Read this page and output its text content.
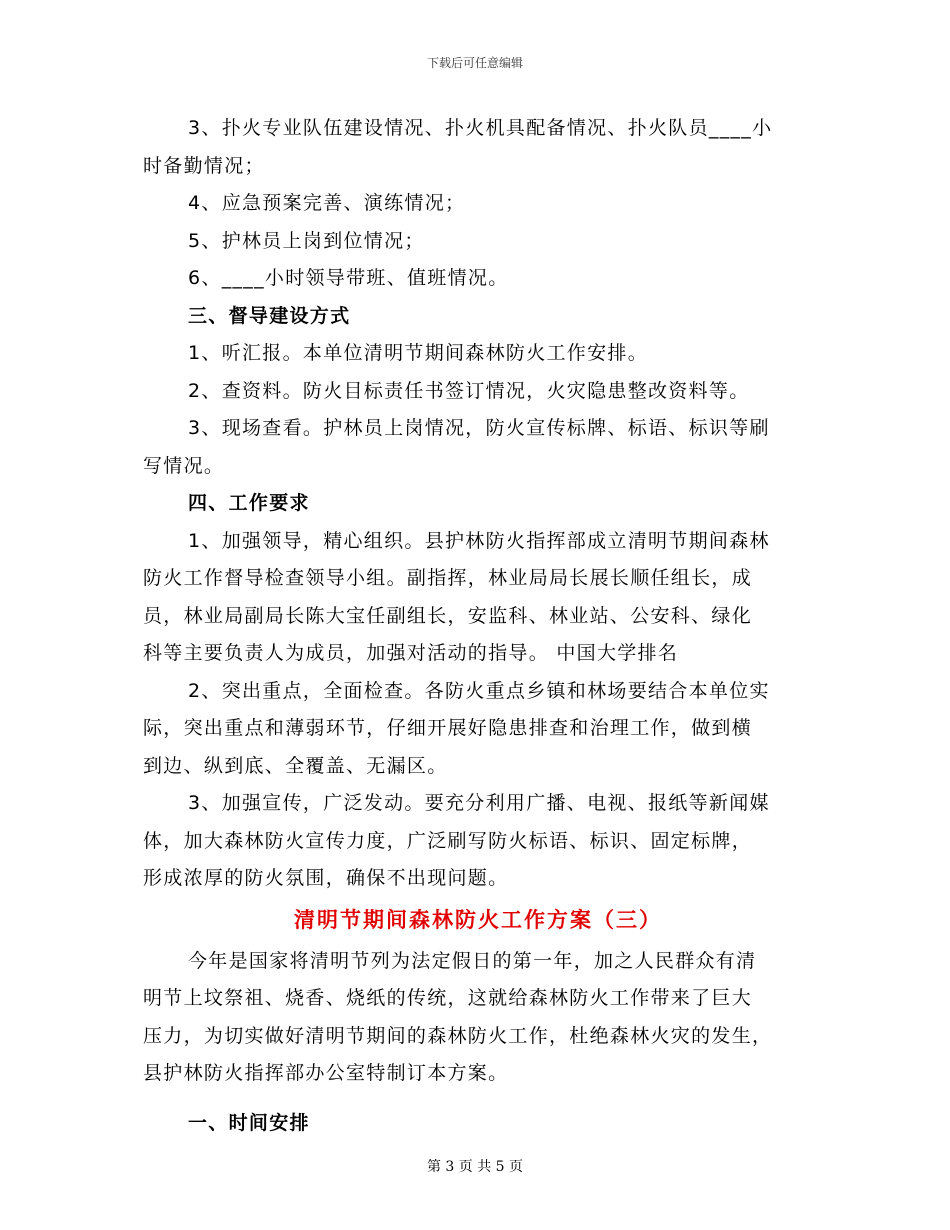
下载后可任意编辑

3、扑火专业队伍建设情况、扑火机具配备情况、扑火队员____小

时备勤情况；

4、应急预案完善、演练情况；

5、护林员上岗到位情况；

6、____小时领导带班、值班情况。

三、督导建设方式

1、听汇报。本单位清明节期间森林防火工作安排。

2、查资料。防火目标责任书签订情况，火灾隐患整改资料等。

3、现场查看。护林员上岗情况，防火宣传标牌、标语、标识等刷

写情况。

四、工作要求

1、加强领导，精心组织。县护林防火指挥部成立清明节期间森林

防火工作督导检查领导小组。副指挥，林业局局长展长顺任组长，成

员，林业局副局长陈大宝任副组长，安监科、林业站、公安科、绿化

科等主要负责人为成员，加强对活动的指导。 中国大学排名

2、突出重点，全面检查。各防火重点乡镇和林场要结合本单位实

际，突出重点和薄弱环节，仔细开展好隐患排查和治理工作，做到横

到边、纵到底、全覆盖、无漏区。

3、加强宣传，广泛发动。要充分利用广播、电视、报纸等新闻媒

体，加大森林防火宣传力度，广泛刷写防火标语、标识、固定标牌，

形成浓厚的防火氛围，确保不出现问题。

清明节期间森林防火工作方案（三）

今年是国家将清明节列为法定假日的第一年，加之人民群众有清

明节上坟祭祖、烧香、烧纸的传统，这就给森林防火工作带来了巨大

压力，为切实做好清明节期间的森林防火工作，杜绝森林火灾的发生，

县护林防火指挥部办公室特制订本方案。

一、时间安排

第 3 页 共 5 页
